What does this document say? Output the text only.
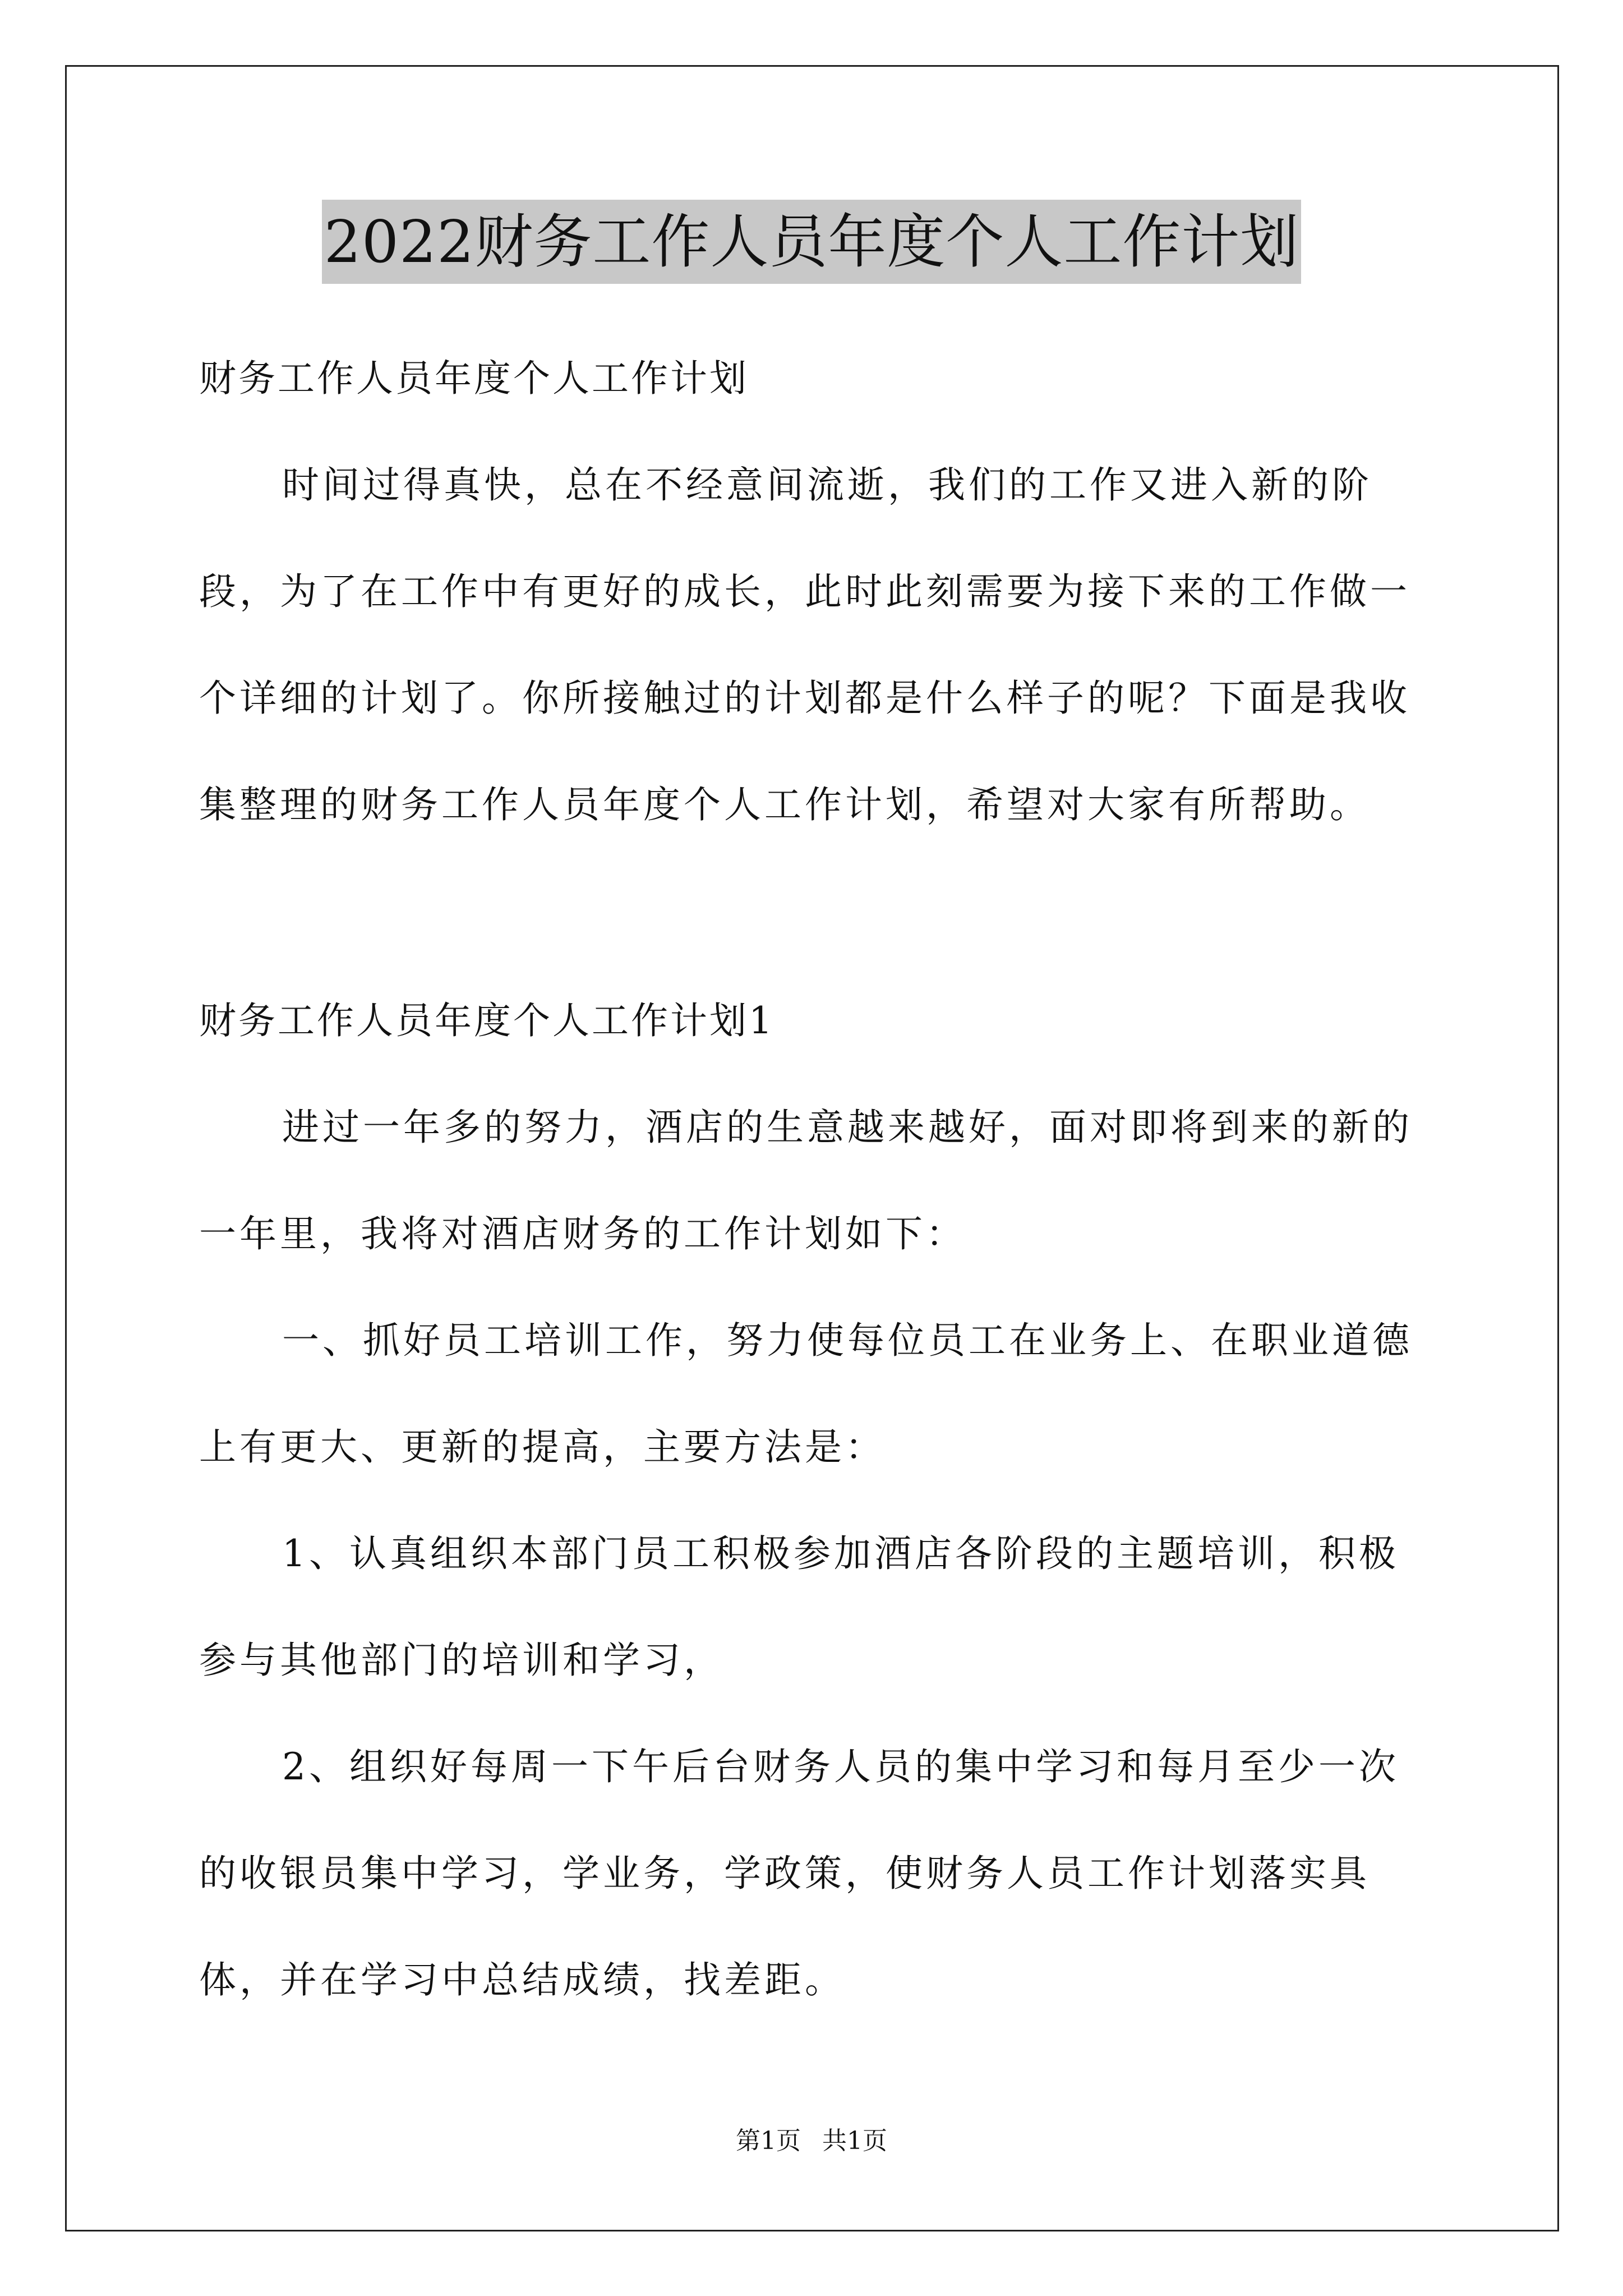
2022财务工作人员年度个人工作计划

财务工作人员年度个人工作计划

时间过得真快，总在不经意间流逝，我们的工作又进入新的阶段，为了在工作中有更好的成长，此时此刻需要为接下来的工作做一个详细的计划了。你所接触过的计划都是什么样子的呢？下面是我收集整理的财务工作人员年度个人工作计划，希望对大家有所帮助。

财务工作人员年度个人工作计划1

进过一年多的努力，酒店的生意越来越好，面对即将到来的新的一年里，我将对酒店财务的工作计划如下：

一、抓好员工培训工作，努力使每位员工在业务上、在职业道德上有更大、更新的提高，主要方法是：

1、认真组织本部门员工积极参加酒店各阶段的主题培训，积极参与其他部门的培训和学习，

2、组织好每周一下午后台财务人员的集中学习和每月至少一次的收银员集中学习，学业务，学政策，使财务人员工作计划落实具体，并在学习中总结成绩，找差距。

第1页 共1页
